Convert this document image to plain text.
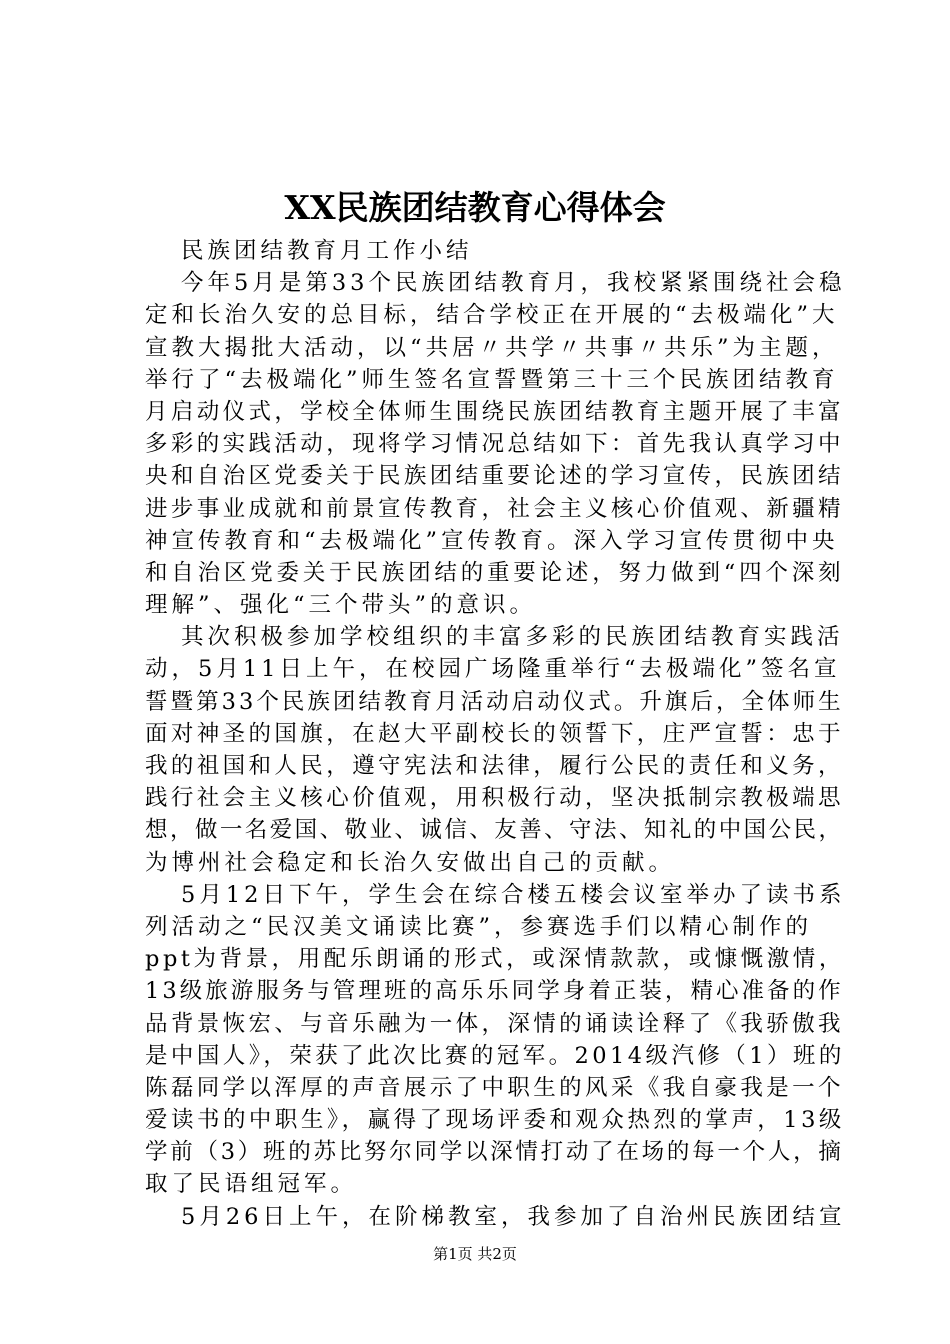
XX民族团结教育心得体会
民族团结教育月工作小结
今年5月是第33个民族团结教育月，我校紧紧围绕社会稳
定和长治久安的总目标，结合学校正在开展的“去极端化”大
宣教大揭批大活动，以“共居〃共学〃共事〃共乐”为主题，
举行了“去极端化”师生签名宣誓暨第三十三个民族团结教育
月启动仪式，学校全体师生围绕民族团结教育主题开展了丰富
多彩的实践活动，现将学习情况总结如下：首先我认真学习中
央和自治区党委关于民族团结重要论述的学习宣传，民族团结
进步事业成就和前景宣传教育，社会主义核心价值观、新疆精
神宣传教育和“去极端化”宣传教育。深入学习宣传贯彻中央
和自治区党委关于民族团结的重要论述，努力做到“四个深刻
理解”、强化“三个带头”的意识。
其次积极参加学校组织的丰富多彩的民族团结教育实践活
动，5月11日上午，在校园广场隆重举行“去极端化”签名宣
誓暨第33个民族团结教育月活动启动仪式。升旗后，全体师生
面对神圣的国旗，在赵大平副校长的领誓下，庄严宣誓：忠于
我的祖国和人民，遵守宪法和法律，履行公民的责任和义务，
践行社会主义核心价值观，用积极行动，坚决抵制宗教极端思
想，做一名爱国、敬业、诚信、友善、守法、知礼的中国公民，
为博州社会稳定和长治久安做出自己的贡献。
5月12日下午，学生会在综合楼五楼会议室举办了读书系
列活动之“民汉美文诵读比赛”，参赛选手们以精心制作的
ppt为背景，用配乐朗诵的形式，或深情款款，或慷慨激情，
13级旅游服务与管理班的高乐乐同学身着正装，精心准备的作
品背景恢宏、与音乐融为一体，深情的诵读诠释了《我骄傲我
是中国人》，荣获了此次比赛的冠军。2014级汽修（1）班的
陈磊同学以浑厚的声音展示了中职生的风采《我自豪我是一个
爱读书的中职生》，赢得了现场评委和观众热烈的掌声，13级
学前（3）班的苏比努尔同学以深情打动了在场的每一个人，摘
取了民语组冠军。
5月26日上午，在阶梯教室，我参加了自治州民族团结宣
第1页 共2页
